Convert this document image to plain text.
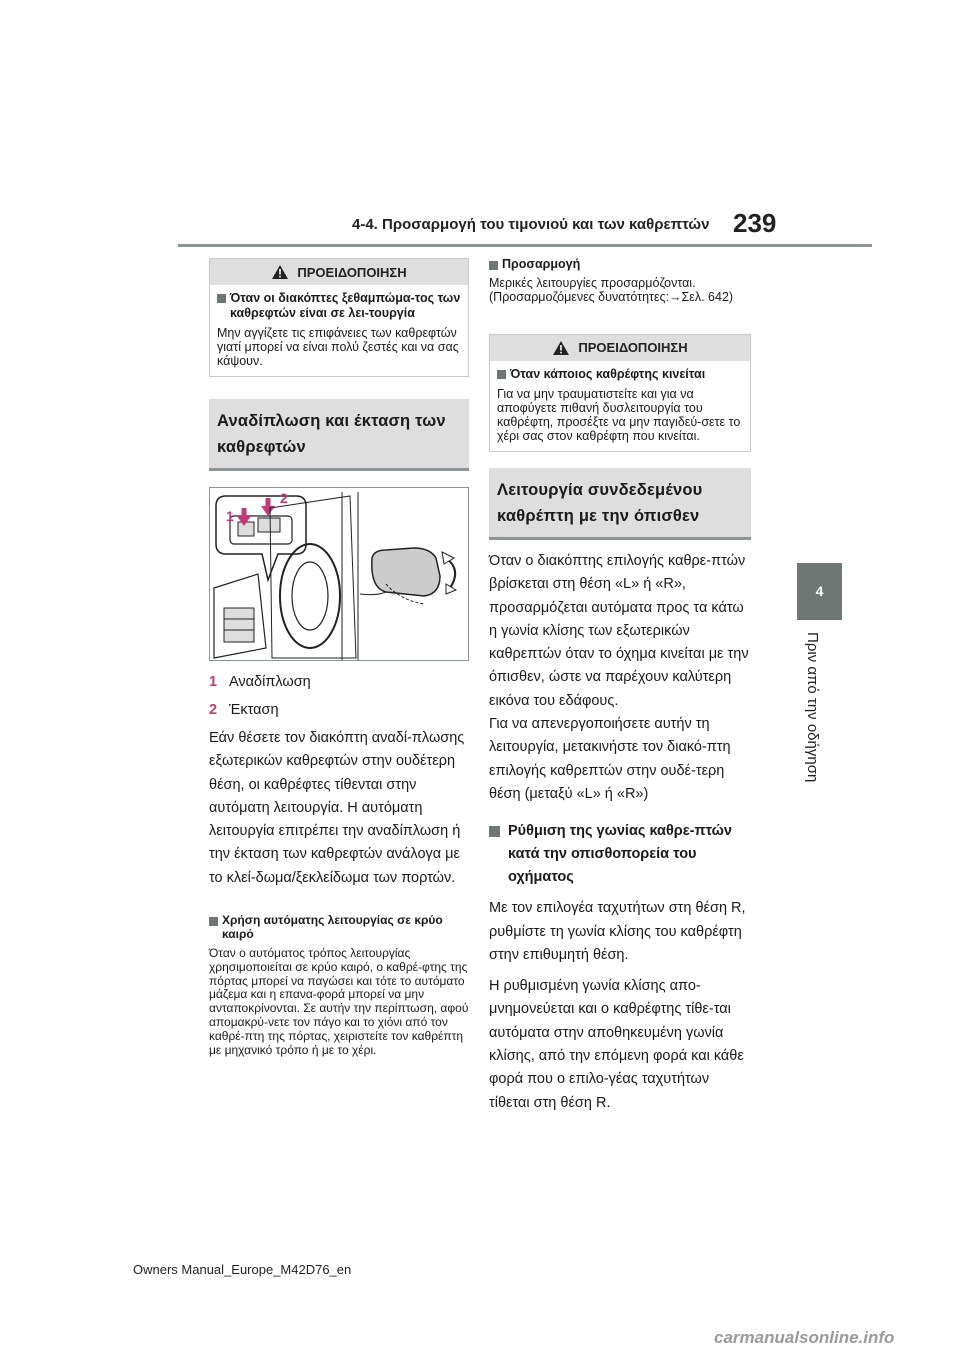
4-4. Προσαρμογή του τιμονιού και των καθρεπτών 239
4
Πριν από την οδήγηση
ΠΡΟΕΙΔΟΠΟΙΗΣΗ
Όταν οι διακόπτες ξεθαμπώμα-τος των καθρεφτών είναι σε λει-τουργία
Μην αγγίζετε τις επιφάνειες των καθρεφτών γιατί μπορεί να είναι πολύ ζεστές και να σας κάψουν.
Αναδίπλωση και έκταση των καθρεφτών
1
2
1 Αναδίπλωση
2 Έκταση
Εάν θέσετε τον διακόπτη αναδί-πλωσης εξωτερικών καθρεφτών στην ουδέτερη θέση, οι καθρέφτες τίθενται στην αυτόματη λειτουργία. Η αυτόματη λειτουργία επιτρέπει την αναδίπλωση ή την έκταση των καθρεφτών ανάλογα με το κλεί-δωμα/ξεκλείδωμα των πορτών.
Χρήση αυτόματης λειτουργίας σε κρύο καιρό
Όταν ο αυτόματος τρόπος λειτουργίας χρησιμοποιείται σε κρύο καιρό, ο καθρέ-φτης της πόρτας μπορεί να παγώσει και τότε το αυτόματο μάζεμα και η επανα-φορά μπορεί να μην ανταποκρίνονται. Σε αυτήν την περίπτωση, αφού απομακρύ-νετε τον πάγο και το χιόνι από τον καθρέ-πτη της πόρτας, χειριστείτε τον καθρέπτη με μηχανικό τρόπο ή με το χέρι.
Προσαρμογή
Μερικές λειτουργίες προσαρμόζονται. (Προσαρμοζόμενες δυνατότητες:→Σελ. 642)
ΠΡΟΕΙΔΟΠΟΙΗΣΗ
Όταν κάποιος καθρέφτης κινείται
Για να μην τραυματιστείτε και για να αποφύγετε πιθανή δυσλειτουργία του καθρέφτη, προσέξτε να μην παγιδεύ-σετε το χέρι σας στον καθρέφτη που κινείται.
Λειτουργία συνδεδεμένου καθρέπτη με την όπισθεν
Όταν ο διακόπτης επιλογής καθρε-πτών βρίσκεται στη θέση «L» ή «R», προσαρμόζεται αυτόματα προς τα κάτω η γωνία κλίσης των εξωτερικών καθρεπτών όταν το όχημα κινείται με την όπισθεν, ώστε να παρέχουν καλύτερη εικόνα του εδάφους.
Για να απενεργοποιήσετε αυτήν τη λειτουργία, μετακινήστε τον διακό-πτη επιλογής καθρεπτών στην ουδέ-τερη θέση (μεταξύ «L» ή «R»)
Ρύθμιση της γωνίας καθρε-πτών κατά την οπισθοπορεία του οχήματος
Με τον επιλογέα ταχυτήτων στη θέση R, ρυθμίστε τη γωνία κλίσης του καθρέφτη στην επιθυμητή θέση.
Η ρυθμισμένη γωνία κλίσης απο-μνημονεύεται και ο καθρέφτης τίθε-ται αυτόματα στην αποθηκευμένη γωνία κλίσης, από την επόμενη φορά και κάθε φορά που ο επιλο-γέας ταχυτήτων τίθεται στη θέση R.
Owners Manual_Europe_M42D76_en
carmanualsonline.info
